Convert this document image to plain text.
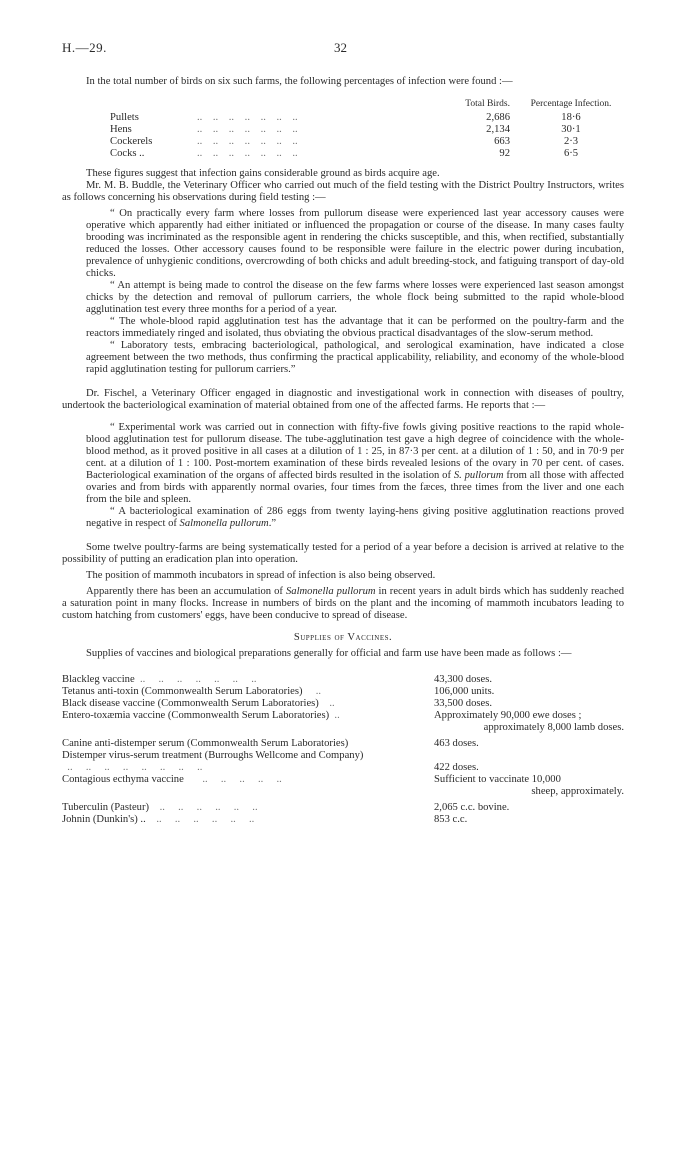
H.—29.	32

In the total number of birds on six such farms, the following percentages of infection were found :—

Total Birds.	Percentage Infection.
Pullets	..    ..    ..    ..    ..    ..    ..	2,686	18·6
Hens	..    ..    ..    ..    ..    ..    ..	2,134	30·1
Cockerels	..    ..    ..    ..    ..    ..    ..	663	2·3
Cocks ..	..    ..    ..    ..    ..    ..    ..	92	6·5

These figures suggest that infection gains considerable ground as birds acquire age.

Mr. M. B. Buddle, the Veterinary Officer who carried out much of the field testing with the District Poultry Instructors, writes as follows concerning his observations during field testing :—

“ On practically every farm where losses from pullorum disease were experienced last year accessory causes were operative which apparently had either initiated or influenced the propagation or course of the disease. In many cases faulty brooding was incriminated as the responsible agent in rendering the chicks susceptible, and this, when rectified, substantially reduced the losses. Other accessory causes found to be responsible were failure in the electric power during incubation, prevalence of unhygienic conditions, overcrowding of both chicks and adult breeding-stock, and fatiguing transport of day-old chicks.

“ An attempt is being made to control the disease on the few farms where losses were experienced last season amongst chicks by the detection and removal of pullorum carriers, the whole flock being submitted to the rapid whole-blood agglutination test every three months for a period of a year.

“ The whole-blood rapid agglutination test has the advantage that it can be performed on the poultry-farm and the reactors immediately ringed and isolated, thus obviating the obvious practical disadvantages of the slow-serum method.

“ Laboratory tests, embracing bacteriological, pathological, and serological examination, have indicated a close agreement between the two methods, thus confirming the practical applicability, reliability, and economy of the whole-blood rapid agglutination testing for pullorum carriers.”

Dr. Fischel, a Veterinary Officer engaged in diagnostic and investigational work in connection with diseases of poultry, undertook the bacteriological examination of material obtained from one of the affected farms. He reports that :—

“ Experimental work was carried out in connection with fifty-five fowls giving positive reactions to the rapid whole-blood agglutination test for pullorum disease. The tube-agglutination test gave a high degree of coincidence with the whole-blood method, as it proved positive in all cases at a dilution of 1 : 25, in 87·3 per cent. at a dilution of 1 : 50, and in 70·9 per cent. at a dilution of 1 : 100. Post-mortem examination of these birds revealed lesions of the ovary in 70 per cent. of cases. Bacteriological examination of the organs of affected birds resulted in the isolation of S. pullorum from all those with affected ovaries and from birds with apparently normal ovaries, four times from the fæces, three times from the liver and one each from the bile and spleen.

“ A bacteriological examination of 286 eggs from twenty laying-hens giving positive agglutination reactions proved negative in respect of Salmonella pullorum.”

Some twelve poultry-farms are being systematically tested for a period of a year before a decision is arrived at relative to the possibility of putting an eradication plan into operation.

The position of mammoth incubators in spread of infection is also being observed.

Apparently there has been an accumulation of Salmonella pullorum in recent years in adult birds which has suddenly reached a saturation point in many flocks. Increase in numbers of birds on the plant and the incoming of mammoth incubators leading to custom hatching from customers' eggs, have been conducive to spread of disease.

Supplies of Vaccines.

Supplies of vaccines and biological preparations generally for official and farm use have been made as follows :—

Blackleg vaccine  ..     ..     ..     ..     ..     ..     ..	43,300 doses.
Tetanus anti-toxin (Commonwealth Serum Laboratories)     ..	106,000 units.
Black disease vaccine (Commonwealth Serum Laboratories)    ..	33,500 doses.
Entero-toxæmia vaccine (Commonwealth Serum Laboratories)  ..	Approximately 90,000 ewe doses ;
approximately 8,000 lamb doses.
Canine anti-distemper serum (Commonwealth Serum Laboratories)	463 doses.
Distemper virus-serum treatment (Burroughs Wellcome and Company)  ..     ..     ..     ..     ..     ..     ..     ..	422 doses.
Contagious ecthyma vaccine       ..     ..     ..     ..     ..	Sufficient to vaccinate 10,000
sheep, approximately.
Tuberculin (Pasteur)    ..     ..     ..     ..     ..     ..	2,065 c.c. bovine.
Johnin (Dunkin's) ..    ..     ..     ..     ..     ..     ..	853 c.c.
